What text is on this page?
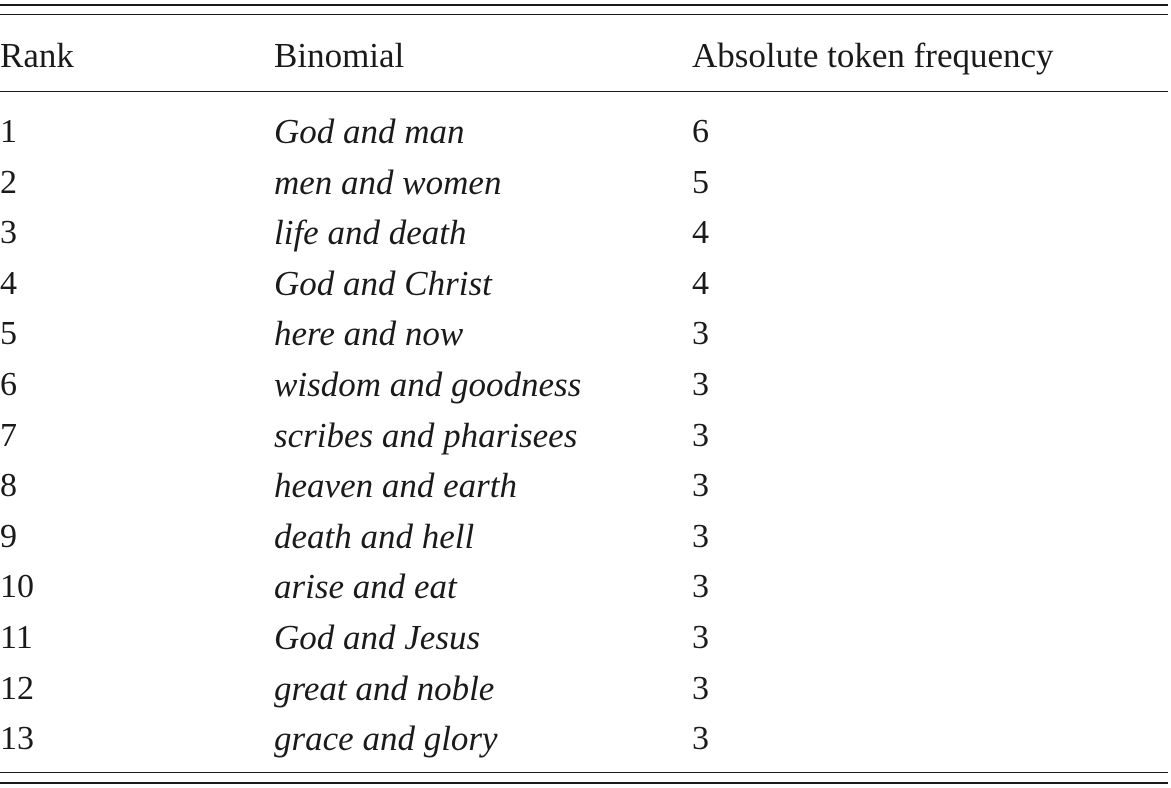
Rank	Binomial	Absolute token frequency
1	God and man	6
2	men and women	5
3	life and death	4
4	God and Christ	4
5	here and now	3
6	wisdom and goodness	3
7	scribes and pharisees	3
8	heaven and earth	3
9	death and hell	3
10	arise and eat	3
11	God and Jesus	3
12	great and noble	3
13	grace and glory	3
